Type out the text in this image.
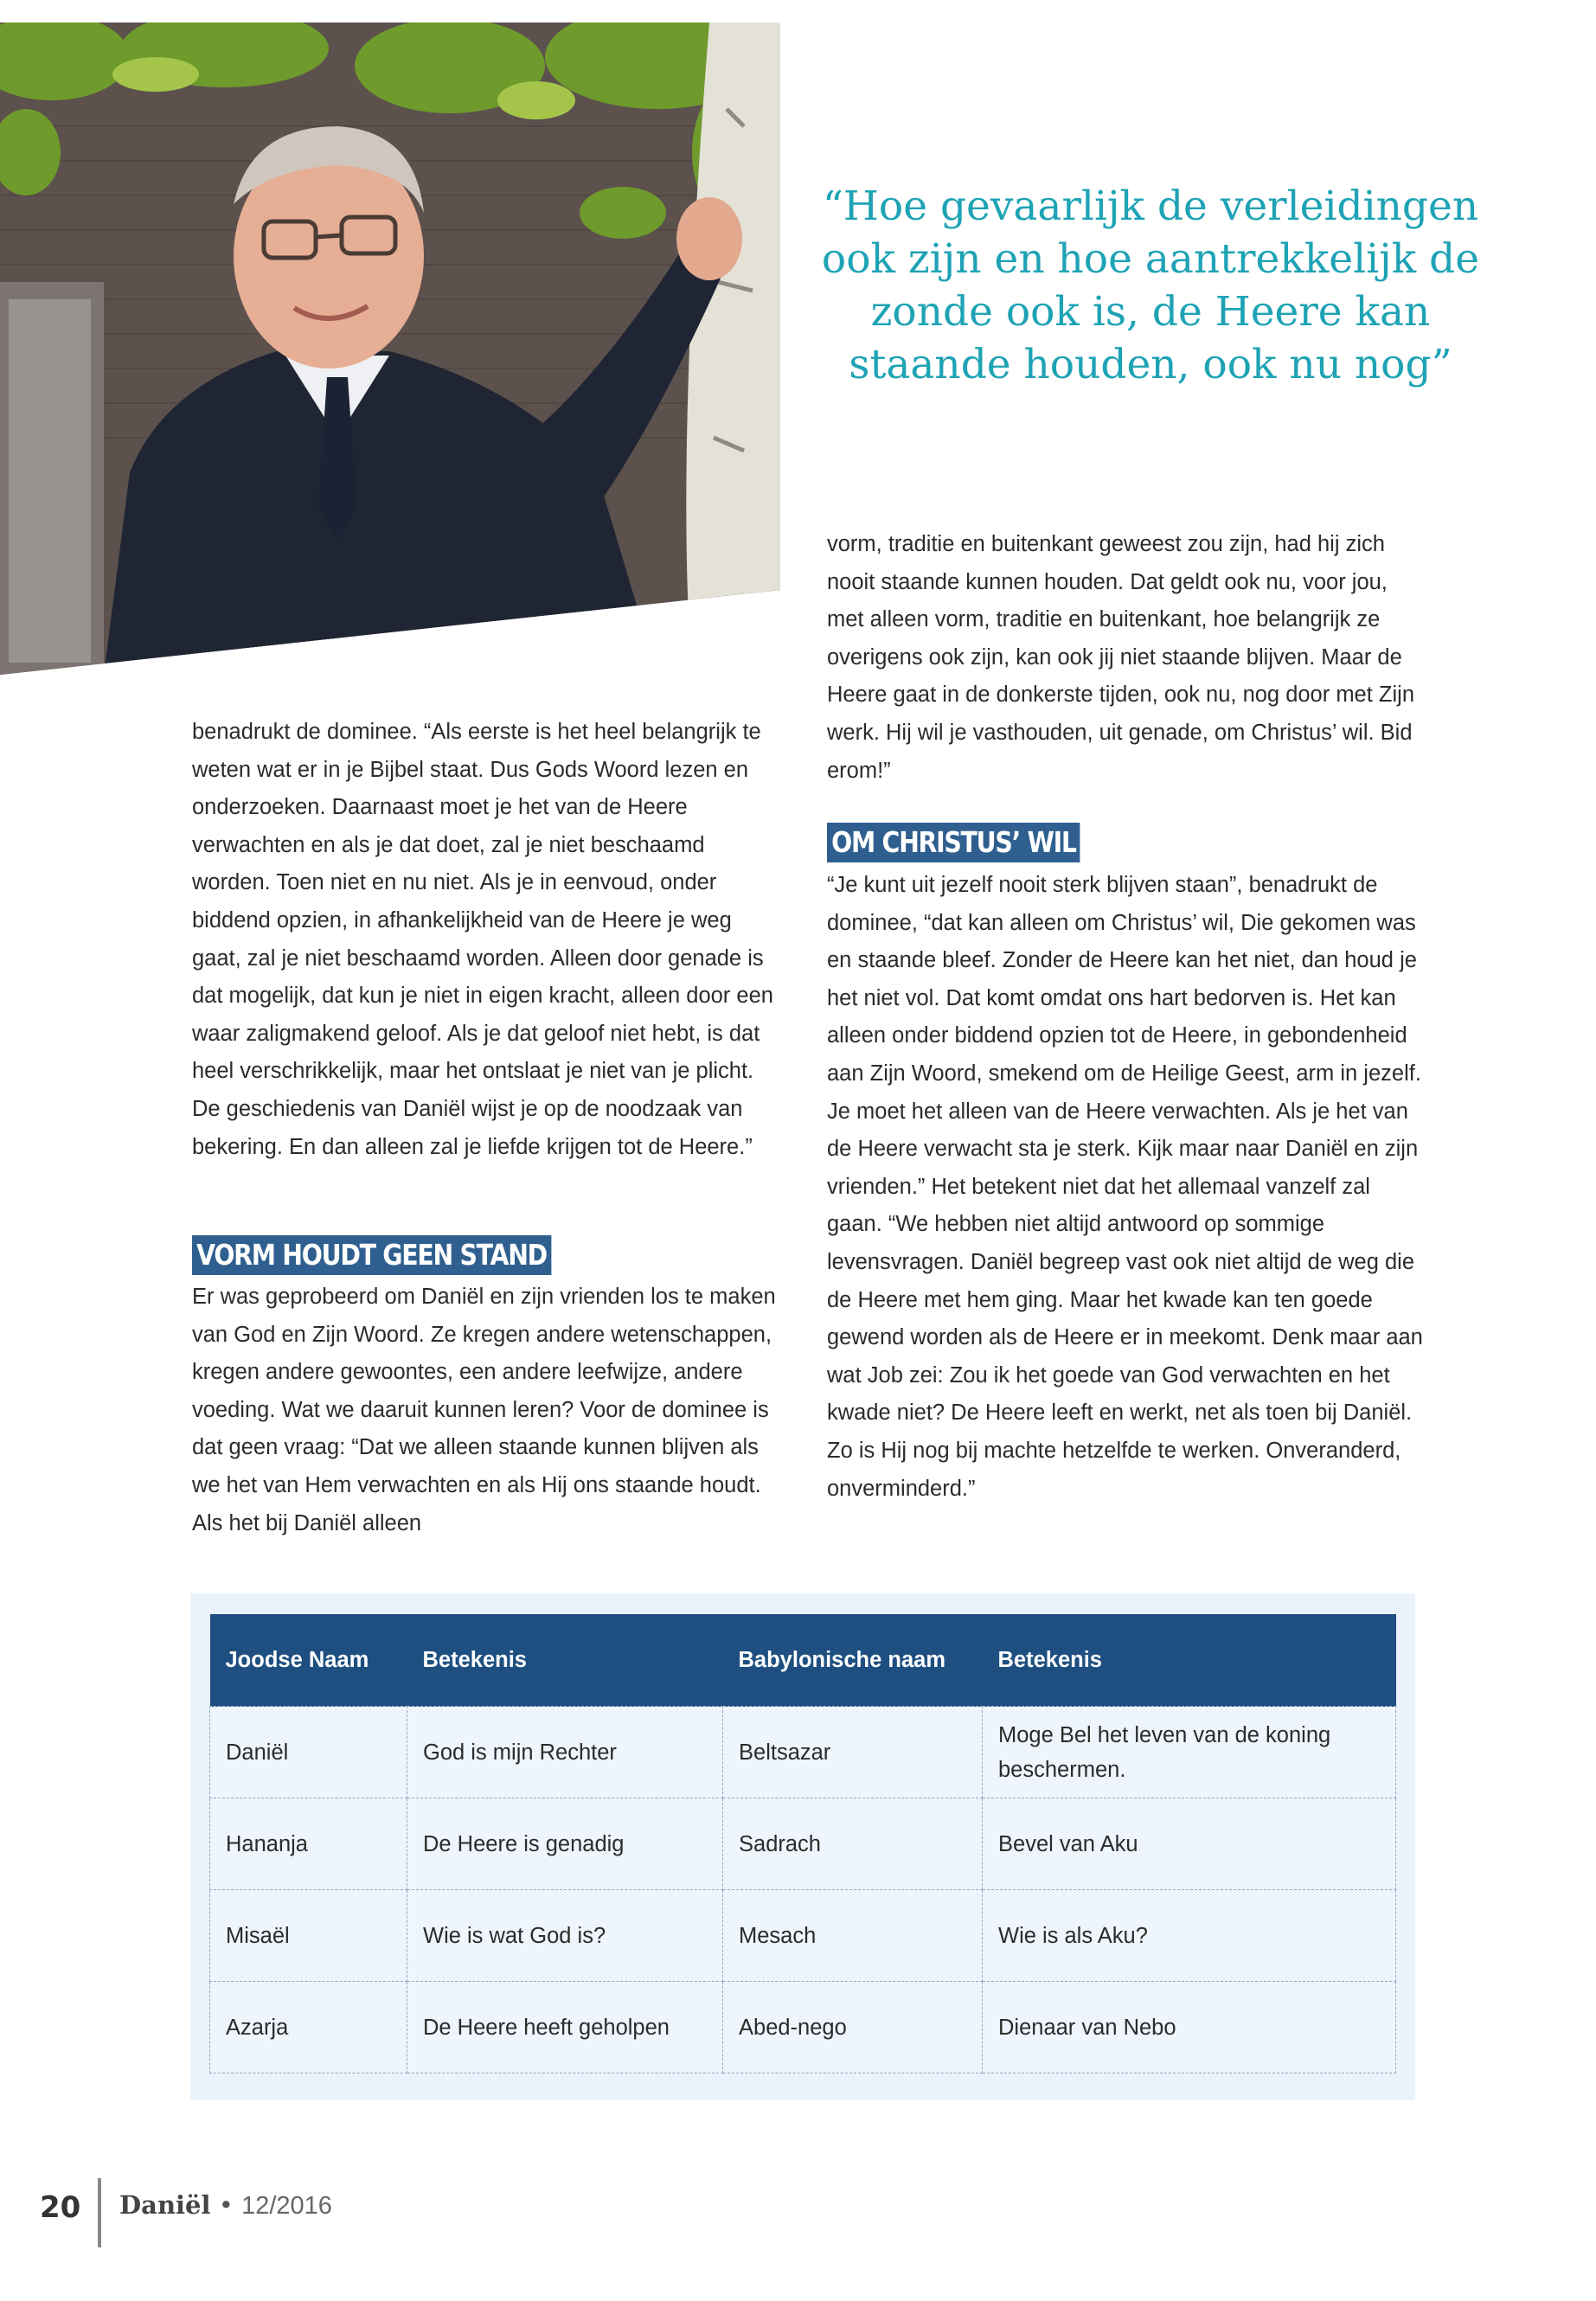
“Hoe gevaarlijk de verleidingen ook zijn en hoe aantrekkelijk de zonde ook is, de Heere kan staande houden, ook nu nog”

benadrukt de dominee. “Als eerste is het heel belangrijk te weten wat er in je Bijbel staat. Dus Gods Woord lezen en onderzoeken. Daarnaast moet je het van de Heere verwachten en als je dat doet, zal je niet beschaamd worden. Toen niet en nu niet. Als je in eenvoud, onder biddend opzien, in afhankelijkheid van de Heere je weg gaat, zal je niet beschaamd worden. Alleen door genade is dat mogelijk, dat kun je niet in eigen kracht, alleen door een waar zaligmakend geloof. Als je dat geloof niet hebt, is dat heel verschrikkelijk, maar het ontslaat je niet van je plicht. De geschiedenis van Daniël wijst je op de noodzaak van bekering. En dan alleen zal je liefde krijgen tot de Heere.”

VORM HOUDT GEEN STAND

Er was geprobeerd om Daniël en zijn vrienden los te maken van God en Zijn Woord. Ze kregen andere wetenschappen, kregen andere gewoontes, een andere leefwijze, andere voeding. Wat we daaruit kunnen leren? Voor de dominee is dat geen vraag: “Dat we alleen staande kunnen blijven als we het van Hem verwachten en als Hij ons staande houdt. Als het bij Daniël alleen

vorm, traditie en buitenkant geweest zou zijn, had hij zich nooit staande kunnen houden. Dat geldt ook nu, voor jou, met alleen vorm, traditie en buitenkant, hoe belangrijk ze overigens ook zijn, kan ook jij niet staande blijven. Maar de Heere gaat in de donkerste tijden, ook nu, nog door met Zijn werk. Hij wil je vasthouden, uit genade, om Christus’ wil. Bid erom!”

OM CHRISTUS’ WIL

“Je kunt uit jezelf nooit sterk blijven staan”, benadrukt de dominee, “dat kan alleen om Christus’ wil, Die gekomen was en staande bleef. Zonder de Heere kan het niet, dan houd je het niet vol. Dat komt omdat ons hart bedorven is. Het kan alleen onder biddend opzien tot de Heere, in gebondenheid aan Zijn Woord, smekend om de Heilige Geest, arm in jezelf. Je moet het alleen van de Heere verwachten. Als je het van de Heere verwacht sta je sterk. Kijk maar naar Daniël en zijn vrienden.” Het betekent niet dat het allemaal vanzelf zal gaan. “We hebben niet altijd antwoord op sommige levensvragen. Daniël begreep vast ook niet altijd de weg die de Heere met hem ging. Maar het kwade kan ten goede gewend worden als de Heere er in meekomt. Denk maar aan wat Job zei: Zou ik het goede van God verwachten en het kwade niet? De Heere leeft en werkt, net als toen bij Daniël. Zo is Hij nog bij machte hetzelfde te werken. Onveranderd, onverminderd.”

Joodse Naam	Betekenis	Babylonische naam	Betekenis
Daniël	God is mijn Rechter	Beltsazar	Moge Bel het leven van de koning beschermen.
Hananja	De Heere is genadig	Sadrach	Bevel van Aku
Misaël	Wie is wat God is?	Mesach	Wie is als Aku?
Azarja	De Heere heeft geholpen	Abed-nego	Dienaar van Nebo
20 Daniël • 12/2016
